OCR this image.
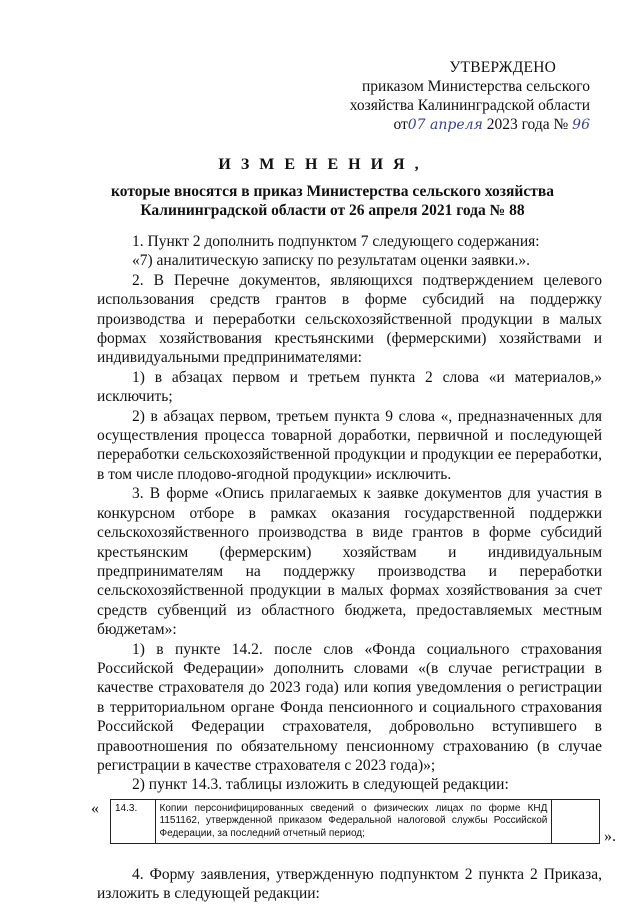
УТВЕРЖДЕНО
приказом Министерства сельского
хозяйства Калининградской области
от07 апреля 2023 года № 96
И З М Е Н Е Н И Я ,
которые вносятся в приказ Министерства сельского хозяйства Калининградской области от 26 апреля 2021 года № 88

1. Пункт 2 дополнить подпунктом 7 следующего содержания:

«7) аналитическую записку по результатам оценки заявки.».

2. В Перечне документов, являющихся подтверждением целевого использования средств грантов в форме субсидий на поддержку производства и переработки сельскохозяйственной продукции в малых формах хозяйствования крестьянскими (фермерскими) хозяйствами и индивидуальными предпринимателями:

1) в абзацах первом и третьем пункта 2 слова «и материалов,» исключить;

2) в абзацах первом, третьем пункта 9 слова «, предназначенных для осуществления процесса товарной доработки, первичной и последующей переработки сельскохозяйственной продукции и продукции ее переработки, в том числе плодово-ягодной продукции» исключить.

3. В форме «Опись прилагаемых к заявке документов для участия в конкурсном отборе в рамках оказания государственной поддержки сельскохозяйственного производства в виде грантов в форме субсидий крестьянским (фермерским) хозяйствам и индивидуальным предпринимателям на поддержку производства и переработки сельскохозяйственной продукции в малых формах хозяйствования за счет средств субвенций из областного бюджета, предоставляемых местным бюджетам»:

1) в пункте 14.2. после слов «Фонда социального страхования Российской Федерации» дополнить словами «(в случае регистрации в качестве страхователя до 2023 года) или копия уведомления о регистрации в территориальном органе Фонда пенсионного и социального страхования Российской Федерации страхователя, добровольно вступившего в правоотношения по обязательному пенсионному страхованию (в случае регистрации в качестве страхователя с 2023 года)»;

2) пункт 14.3. таблицы изложить в следующей редакции:

« 14.3.	Копии персонифицированных сведений о физических лицах по форме КНД 1151162, утвержденной приказом Федеральной налоговой службы Российской Федерации, за последний отчетный период;		».

4. Форму заявления, утвержденную подпунктом 2 пункта 2 Приказа, изложить в следующей редакции:
